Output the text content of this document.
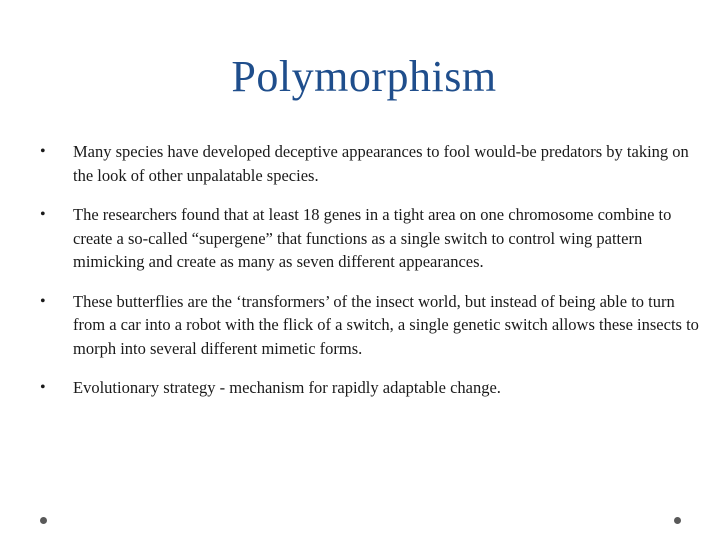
Polymorphism
•	Many species have developed deceptive appearances to fool would-be predators by taking on the look of other unpalatable species.
•	The researchers found that at least 18 genes in a tight area on one chromosome combine to create a so-called “supergene” that functions as a single switch to control wing pattern mimicking and create as many as seven different appearances.
•	These butterflies are the ‘transformers’ of the insect world, but instead of being able to turn from a car into a robot with the flick of a switch, a single genetic switch allows these insects to morph into several different mimetic forms.
•	Evolutionary strategy - mechanism for rapidly adaptable change.
